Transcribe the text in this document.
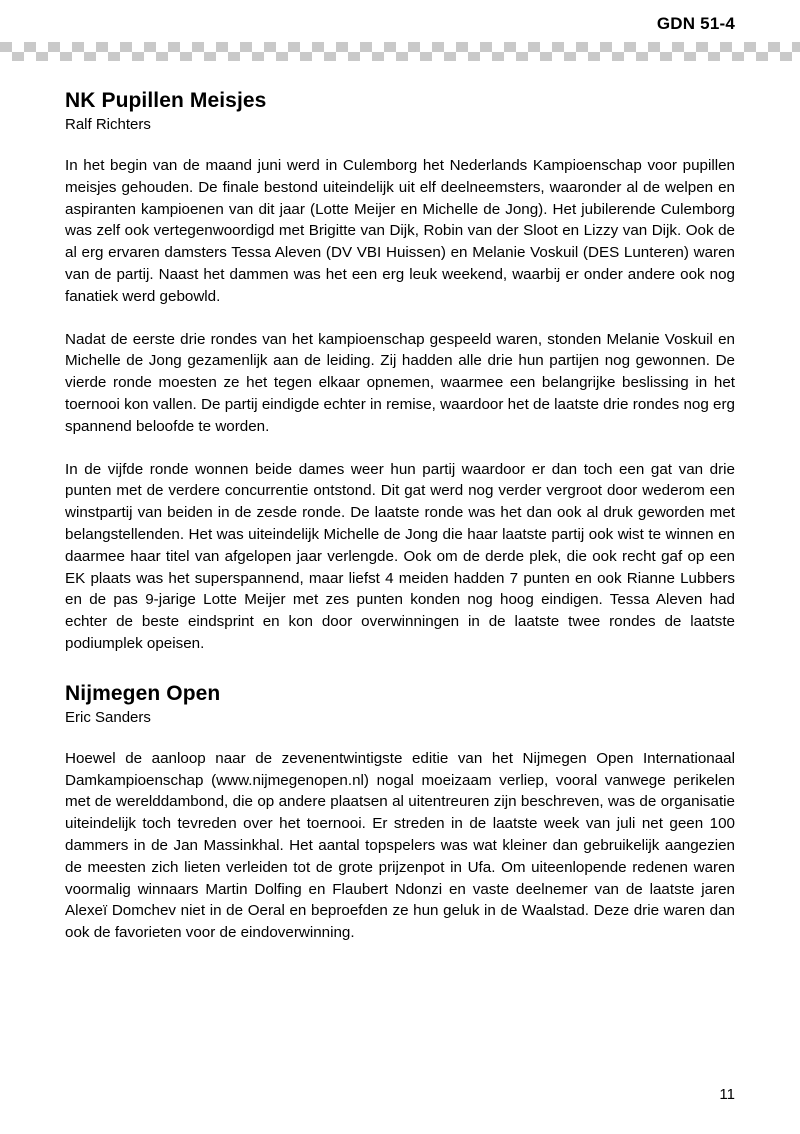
GDN 51-4
NK Pupillen Meisjes
Ralf Richters

In het begin van de maand juni werd in Culemborg het Nederlands Kampioenschap voor pupillen meisjes gehouden. De finale bestond uiteindelijk uit elf deelneemsters, waaronder al de welpen en aspiranten kampioenen van dit jaar (Lotte Meijer en Michelle de Jong). Het jubilerende Culemborg was zelf ook vertegenwoordigd met Brigitte van Dijk, Robin van der Sloot en Lizzy van Dijk. Ook de al erg ervaren damsters Tessa Aleven (DV VBI Huissen) en Melanie Voskuil (DES Lunteren) waren van de partij. Naast het dammen was het een erg leuk weekend, waarbij er onder andere ook nog fanatiek werd gebowld.

Nadat de eerste drie rondes van het kampioenschap gespeeld waren, stonden Melanie Voskuil en Michelle de Jong gezamenlijk aan de leiding. Zij hadden alle drie hun partijen nog gewonnen. De vierde ronde moesten ze het tegen elkaar opnemen, waarmee een belangrijke beslissing in het toernooi kon vallen. De partij eindigde echter in remise, waardoor het de laatste drie rondes nog erg spannend beloofde te worden.

In de vijfde ronde wonnen beide dames weer hun partij waardoor er dan toch een gat van drie punten met de verdere concurrentie ontstond. Dit gat werd nog verder vergroot door wederom een winstpartij van beiden in de zesde ronde. De laatste ronde was het dan ook al druk geworden met belangstellenden. Het was uiteindelijk Michelle de Jong die haar laatste partij ook wist te winnen en daarmee haar titel van afgelopen jaar verlengde. Ook om de derde plek, die ook recht gaf op een EK plaats was het superspannend, maar liefst 4 meiden hadden 7 punten en ook Rianne Lubbers en de pas 9-jarige Lotte Meijer met zes punten konden nog hoog eindigen. Tessa Aleven had echter de beste eindsprint en kon door overwinningen in de laatste twee rondes de laatste podiumplek opeisen.

Nijmegen Open
Eric Sanders

Hoewel de aanloop naar de zevenentwintigste editie van het Nijmegen Open Internationaal Damkampioenschap (www.nijmegenopen.nl) nogal moeizaam verliep, vooral vanwege perikelen met de werelddambond, die op andere plaatsen al uitentreuren zijn beschreven, was de organisatie uiteindelijk toch tevreden over het toernooi. Er streden in de laatste week van juli net geen 100 dammers in de Jan Massinkhal. Het aantal topspelers was wat kleiner dan gebruikelijk aangezien de meesten zich lieten verleiden tot de grote prijzenpot in Ufa. Om uiteenlopende redenen waren voormalig winnaars Martin Dolfing en Flaubert Ndonzi en vaste deelnemer van de laatste jaren Alexeï Domchev niet in de Oeral en beproefden ze hun geluk in de Waalstad. Deze drie waren dan ook de favorieten voor de eindoverwinning.

11
